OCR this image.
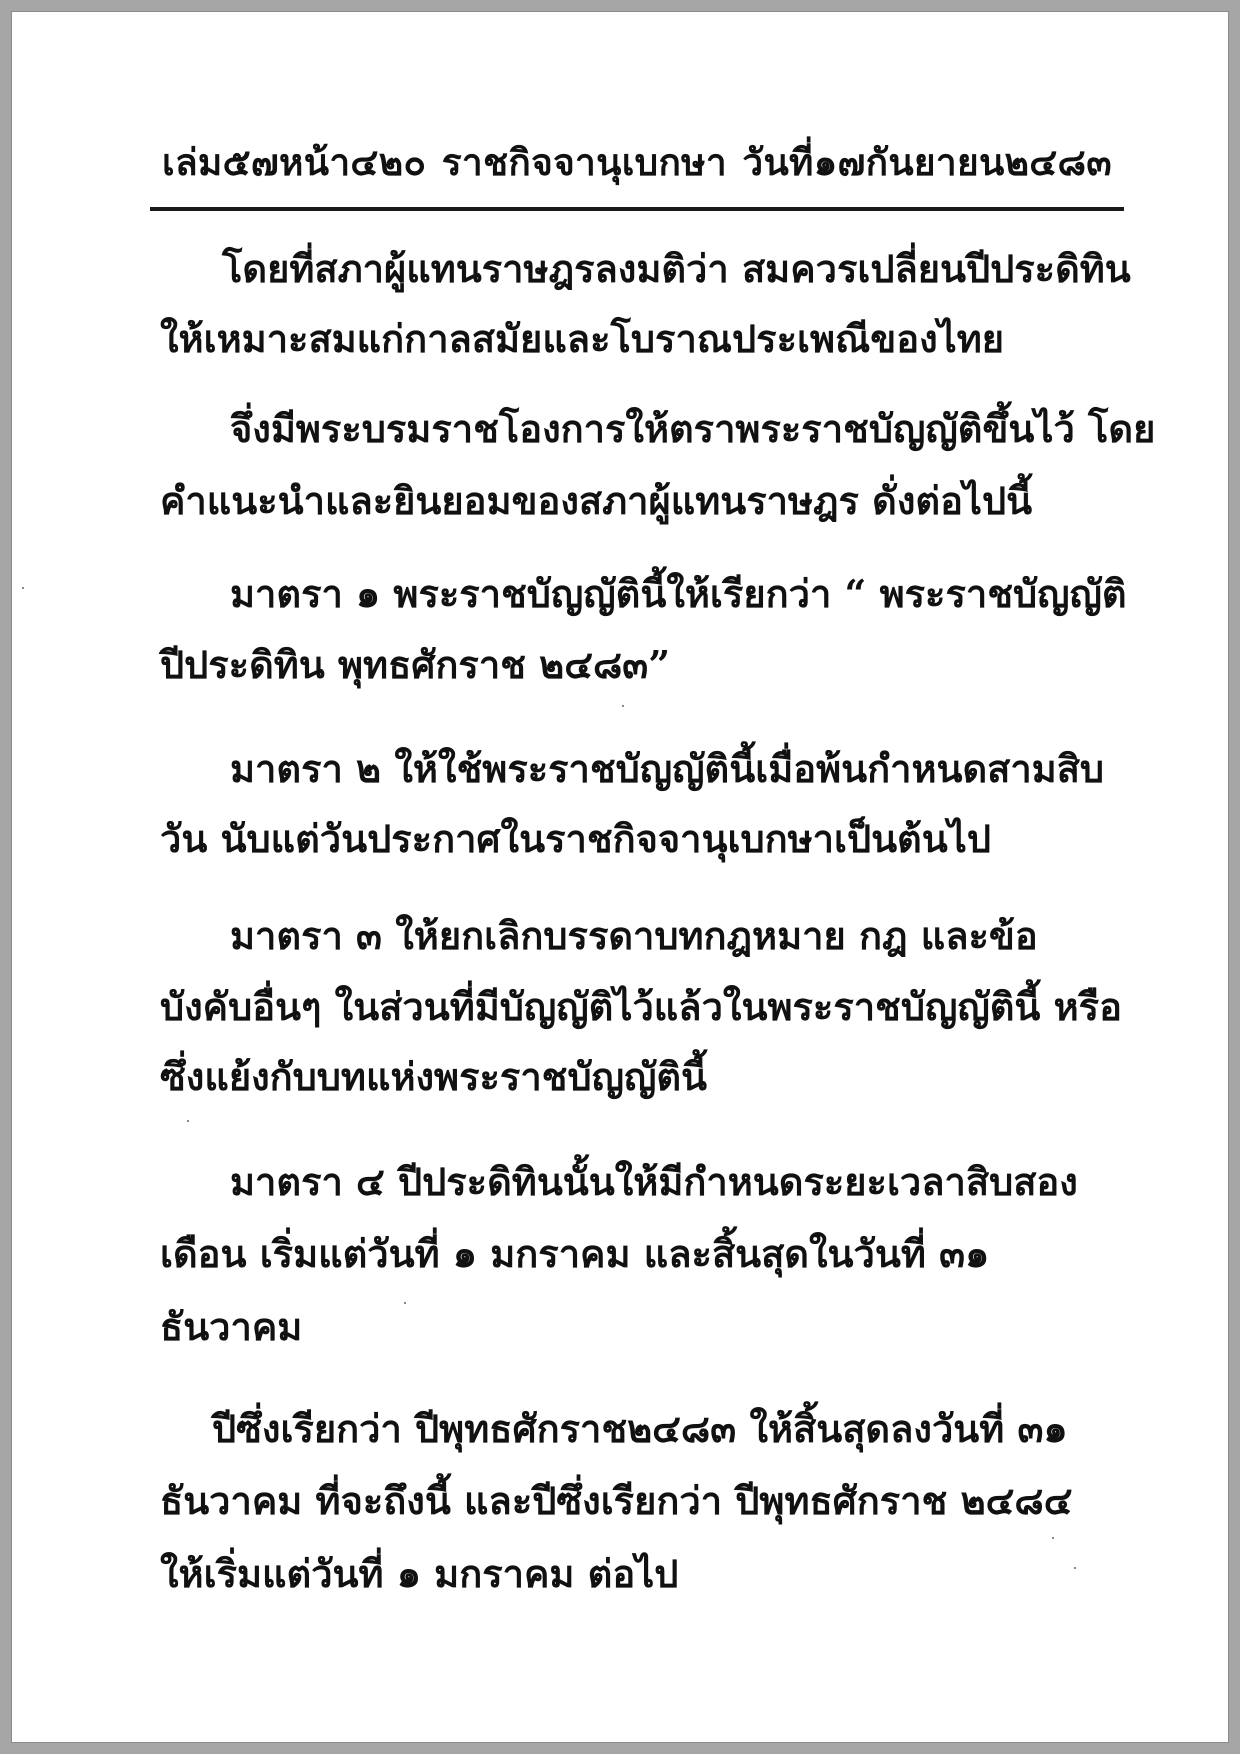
เล่ม๕๗หน้า๔๒๐ ราชกิจจานุเบกษา วันที่๑๗กันยายน๒๔๘๓
โดยที่สภาผู้แทนราษฎรลงมติว่า สมควรเปลี่ยนปีประดิทิน
ให้เหมาะสมแก่กาลสมัยและโบราณประเพณีของไทย
จึ่งมีพระบรมราชโองการให้ตราพระราชบัญญัติขึ้นไว้ โดย
คำแนะนำและยินยอมของสภาผู้แทนราษฎร ดั่งต่อไปนี้
มาตรา ๑ พระราชบัญญัตินี้ให้เรียกว่า “ พระราชบัญญัติ
ปีประดิทิน พุทธศักราช ๒๔๘๓”
มาตรา ๒ ให้ใช้พระราชบัญญัตินี้เมื่อพ้นกำหนดสามสิบ
วัน นับแต่วันประกาศในราชกิจจานุเบกษาเป็นต้นไป
มาตรา ๓ ให้ยกเลิกบรรดาบทกฎหมาย กฎ และข้อ
บังคับอื่นๆ ในส่วนที่มีบัญญัติไว้แล้วในพระราชบัญญัตินี้ หรือ
ซึ่งแย้งกับบทแห่งพระราชบัญญัตินี้
มาตรา ๔ ปีประดิทินนั้นให้มีกำหนดระยะเวลาสิบสอง
เดือน เริ่มแต่วันที่ ๑ มกราคม และสิ้นสุดในวันที่ ๓๑
ธันวาคม
ปีซึ่งเรียกว่า ปีพุทธศักราช๒๔๘๓ ให้สิ้นสุดลงวันที่ ๓๑
ธันวาคม ที่จะถึงนี้ และปีซึ่งเรียกว่า ปีพุทธศักราช ๒๔๘๔
ให้เริ่มแต่วันที่ ๑ มกราคม ต่อไป
